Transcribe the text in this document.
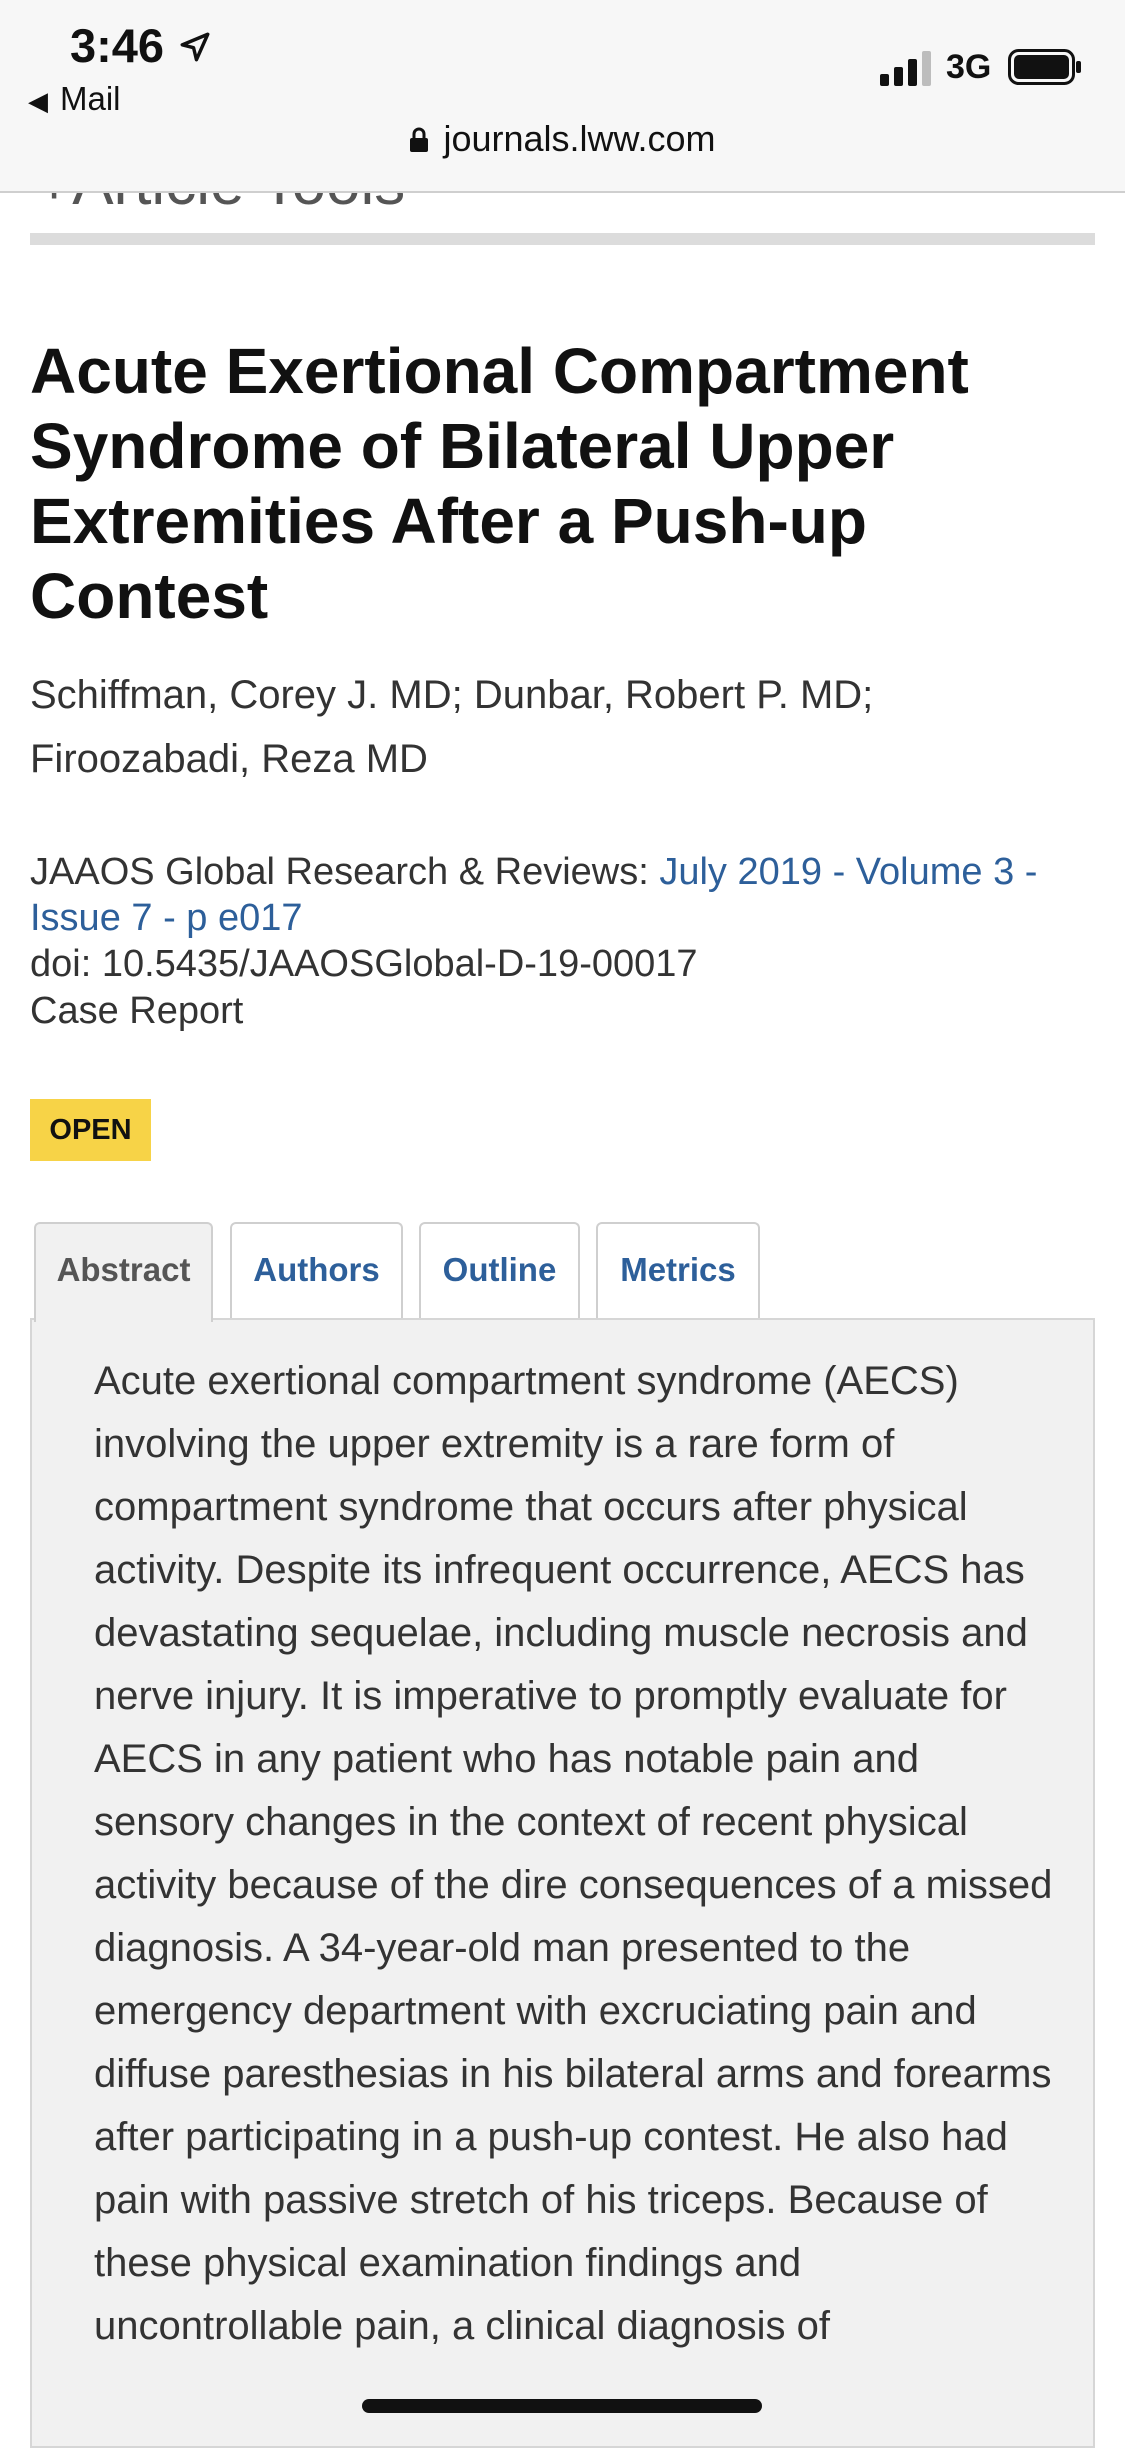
3:46
◀ Mail
3G
journals.lww.com
Acute Exertional Compartment Syndrome of Bilateral Upper Extremities After a Push-up Contest
Schiffman, Corey J. MD; Dunbar, Robert P. MD; Firoozabadi, Reza MD
JAAOS Global Research & Reviews: July 2019 - Volume 3 - Issue 7 - p e017
doi: 10.5435/JAAOSGlobal-D-19-00017
Case Report
OPEN
Abstract	Authors	Outline	Metrics
Acute exertional compartment syndrome (AECS) involving the upper extremity is a rare form of compartment syndrome that occurs after physical activity. Despite its infrequent occurrence, AECS has devastating sequelae, including muscle necrosis and nerve injury. It is imperative to promptly evaluate for AECS in any patient who has notable pain and sensory changes in the context of recent physical activity because of the dire consequences of a missed diagnosis. A 34-year-old man presented to the emergency department with excruciating pain and diffuse paresthesias in his bilateral arms and forearms after participating in a push-up contest. He also had pain with passive stretch of his triceps. Because of these physical examination findings and uncontrollable pain, a clinical diagnosis of
